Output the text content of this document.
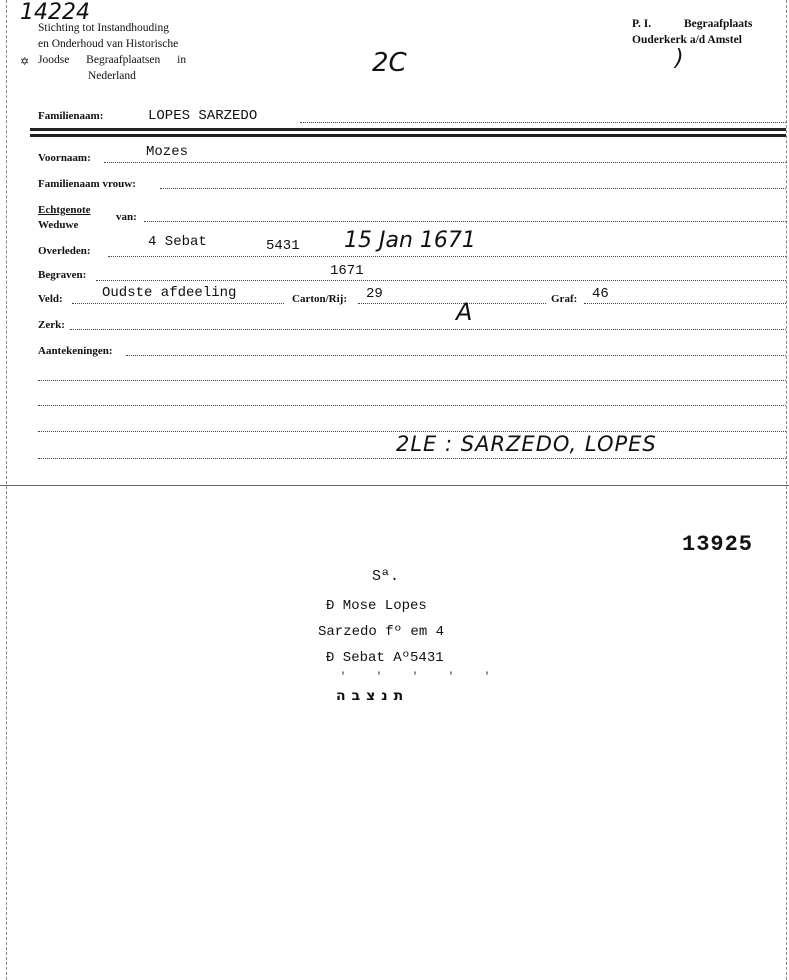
14224
Stichting tot Instandhouding
en Onderhoud van Historische
Joodse Begraafplaatsen in
Nederland
✡	2C
P. I.	Begraafplaats
Ouderkerk a/d Amstel
)
Familienaam:	LOPES SARZEDO
Voornaam:	Mozes
Familienaam vrouw:
Echtgenote
Weduwe
van:
Overleden:
4 Sebat	5431 15 Jan 1671
Begraven:	1671
Veld:	Oudste afdeeling	Carton/Rij: 29
A	Graf: 46
Zerk:
Aantekeningen:
2LE : SARZEDO, LOPES
13925
Sª.
Ð Mose Lopes
Sarzedo fº em 4
Ð Sebat Aº5431
' ' ' ' '
תנצבה
